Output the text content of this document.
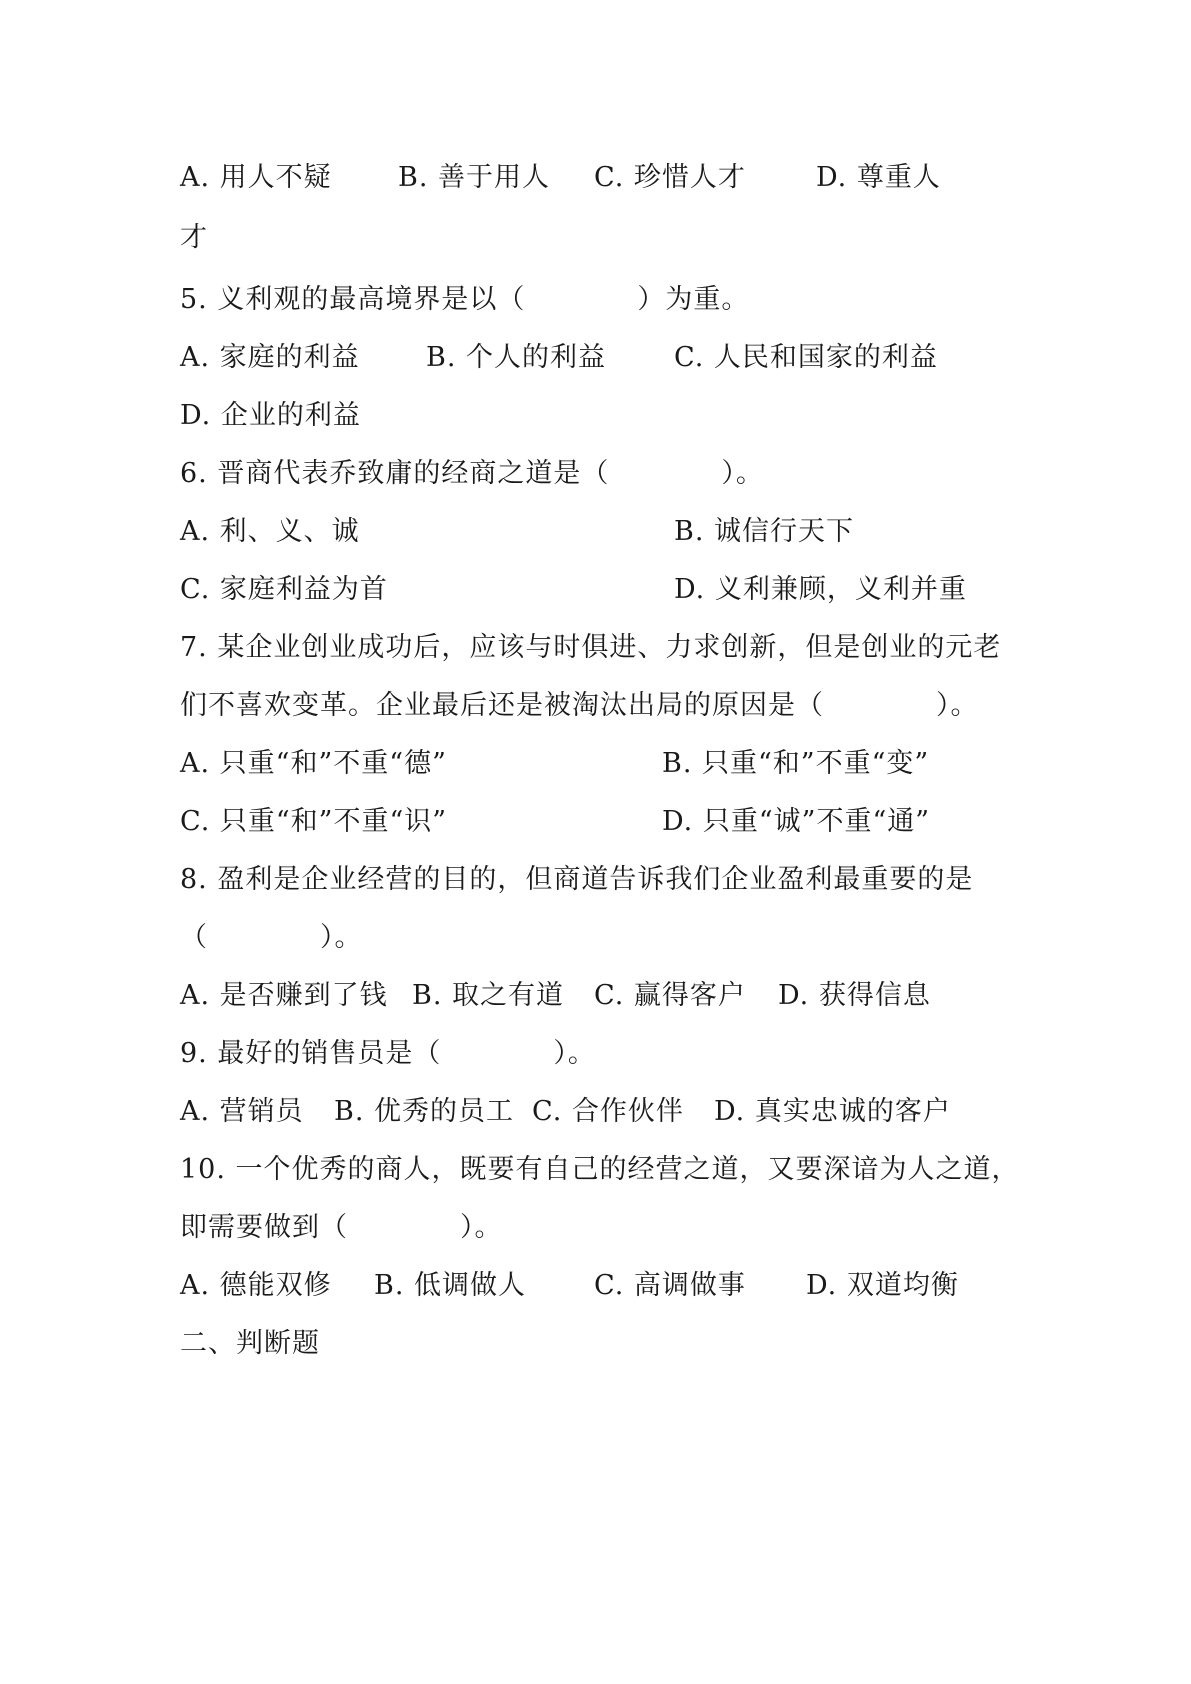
A. 用人不疑 B. 善于用人 C. 珍惜人才	D. 尊重人
才
5. 义利观的最高境界是以（　　　　）为重。
A. 家庭的利益 B. 个人的利益	C. 人民和国家的利益
D. 企业的利益
6. 晋商代表乔致庸的经商之道是（　　　　）。
A. 利、义、诚	B. 诚信行天下
C. 家庭利益为首	D. 义利兼顾，义利并重
7. 某企业创业成功后，应该与时俱进、力求创新，但是创业的元老
们不喜欢变革。企业最后还是被淘汰出局的原因是（　　　　）。
A. 只重“和”不重“德”	B. 只重“和”不重“变”
C. 只重“和”不重“识”	D. 只重“诚”不重“通”
8. 盈利是企业经营的目的，但商道告诉我们企业盈利最重要的是
（　　　　）。
A. 是否赚到了钱 B. 取之有道 C. 赢得客户 D. 获得信息
9. 最好的销售员是（　　　　）。
A. 营销员 B. 优秀的员工 C. 合作伙伴 D. 真实忠诚的客户
10. 一个优秀的商人，既要有自己的经营之道，又要深谙为人之道，
即需要做到（　　　　）。
A. 德能双修 B. 低调做人	C. 高调做事 D. 双道均衡
二、判断题
